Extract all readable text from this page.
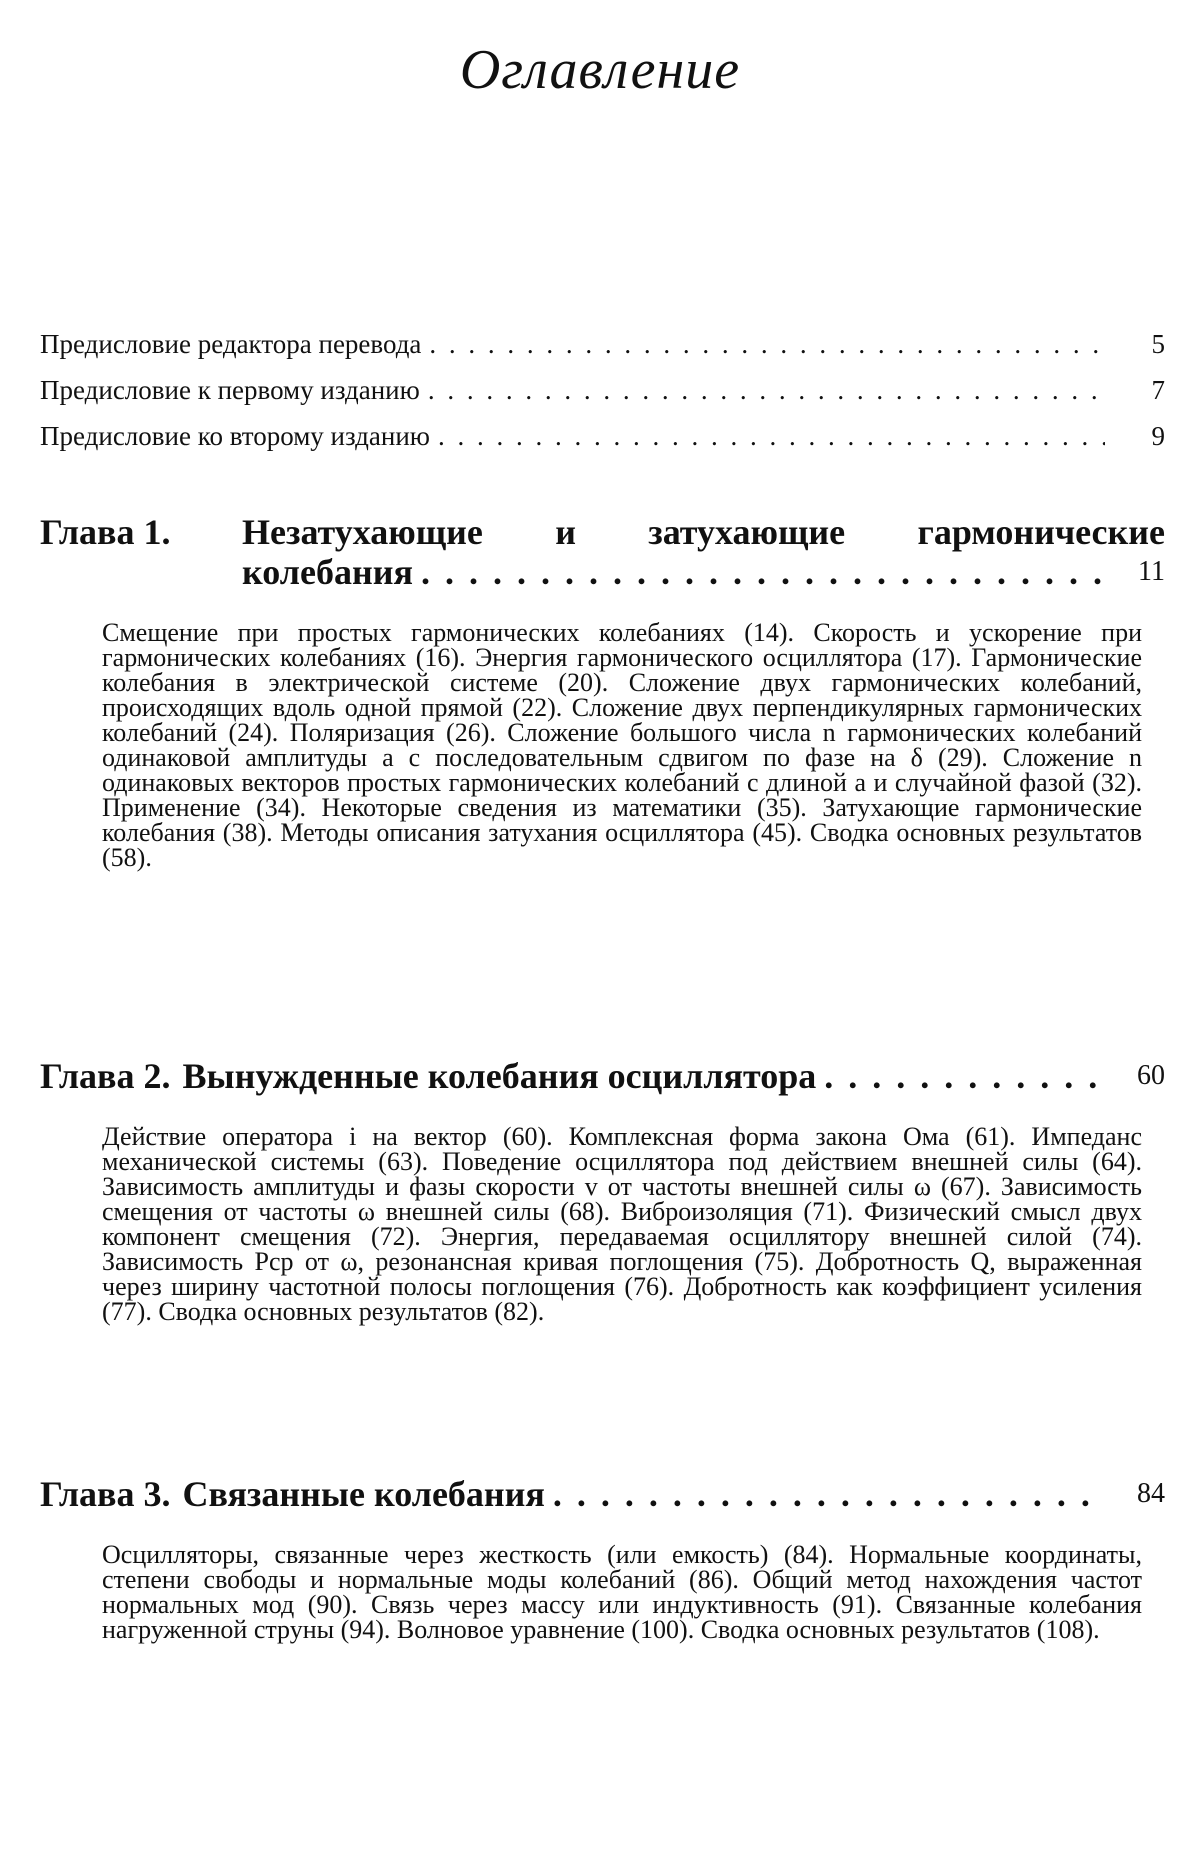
Оглавление
Предисловие редактора перевода . . .	5
Предисловие к первому изданию . . .	7
Предисловие ко второму изданию . . .	9
Глава 1.	Незатухающие и затухающие гармонические
колебания . . .	11
Смещение при простых гармонических колебаниях (14). Скорость и ускорение при гармонических колебаниях (16). Энергия гармонического осциллятора (17). Гармонические колебания в электрической системе (20). Сложение двух гармонических колебаний, происходящих вдоль одной прямой (22). Сложение двух перпендикулярных гармонических колебаний (24). Поляризация (26). Сложение большого числа n гармонических колебаний одинаковой амплитуды a с последовательным сдвигом по фазе на δ (29). Сложение n одинаковых векторов простых гармонических колебаний с длиной a и случайной фазой (32). Применение (34). Некоторые сведения из математики (35). Затухающие гармонические колебания (38). Методы описания затухания осциллятора (45). Сводка основных результатов (58).
Глава 2. Вынужденные колебания осциллятора . . .	60
Действие оператора i на вектор (60). Комплексная форма закона Ома (61). Импеданс механической системы (63). Поведение осциллятора под действием внешней силы (64). Зависимость амплитуды и фазы скорости v от частоты внешней силы ω (67). Зависимость смещения от частоты ω внешней силы (68). Виброизоляция (71). Физический смысл двух компонент смещения (72). Энергия, передаваемая осциллятору внешней силой (74). Зависимость Pср от ω, резонансная кривая поглощения (75). Добротность Q, выраженная через ширину частотной полосы поглощения (76). Добротность как коэффициент усиления (77). Сводка основных результатов (82).
Глава 3. Связанные колебания . . .	84
Осцилляторы, связанные через жесткость (или емкость) (84). Нормальные координаты, степени свободы и нормальные моды колебаний (86). Общий метод нахождения частот нормальных мод (90). Связь через массу или индуктивность (91). Связанные колебания нагруженной струны (94). Волновое уравнение (100). Сводка основных результатов (108).
